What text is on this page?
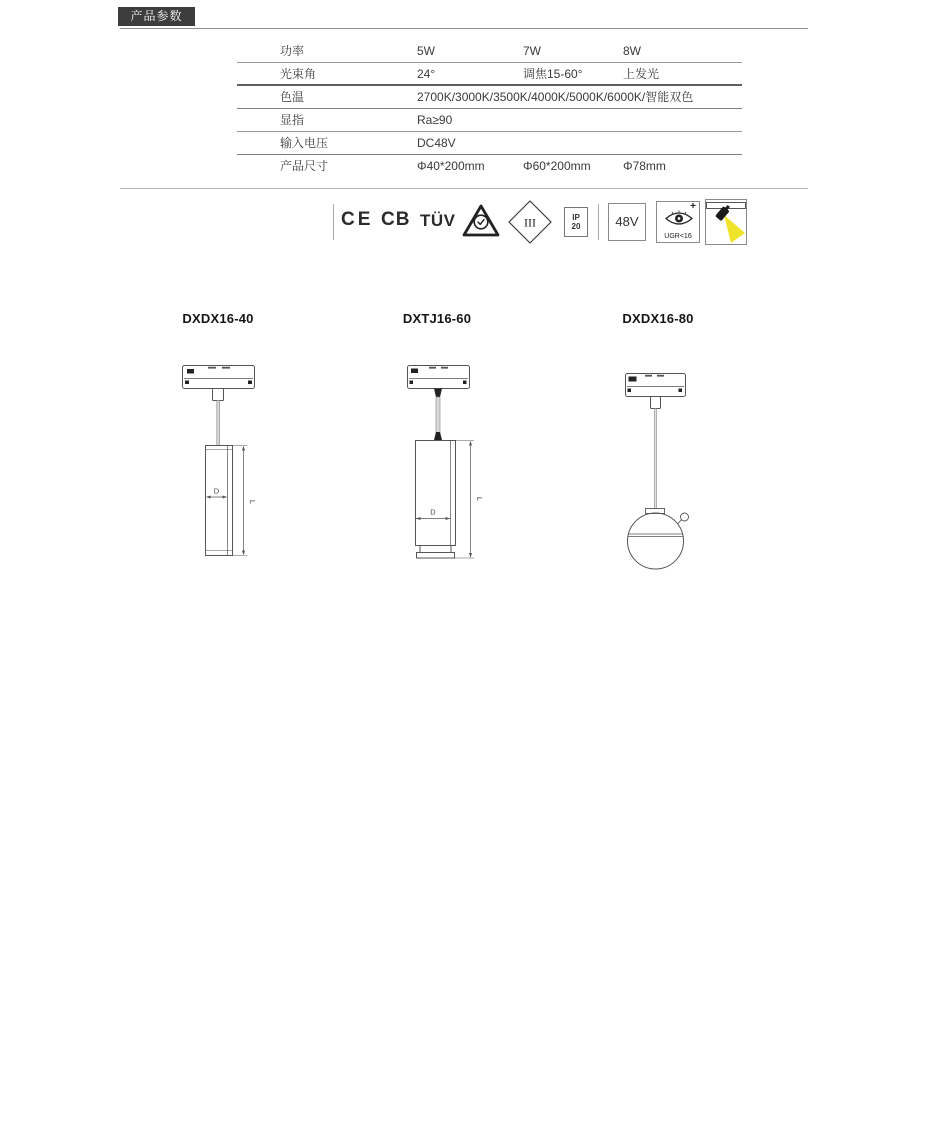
产品参数
功率	5W	7W	8W
光束角	24°	调焦15-60°	上发光
色温	2700K/3000K/3500K/4000K/5000K/6000K/智能双色
显指	Ra≥90
输入电压	DC48V
产品尺寸	Φ40*200mm	Φ60*200mm	Φ78mm
CE CB TÜV	III	IP
20	48V
+
UGR<16
DXDX16-40	DXTJ16-60	DXDX16-80
D
L
D
L
